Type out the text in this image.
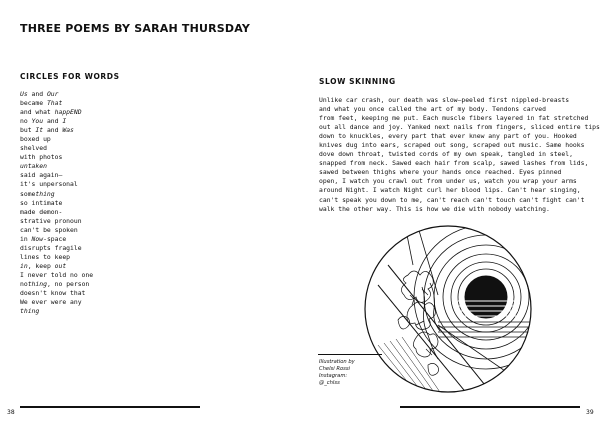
THREE POEMS BY SARAH THURSDAY
CIRCLES FOR WORDS
Us and Our
became That
and what happEND
no You and I
but It and Was
boxed up
shelved
with photos
untaken
said again—
it's unpersonal
something
so intimate
made demon-
strative pronoun
can't be spoken
in Now-space
disrupts fragile
lines to keep
in, keep out
I never told no one
nothing, no person
doesn't know that
We ever were any
thing
SLOW SKINNING
Unlike car crash, our death was slow—peeled first nippled-breasts
and what you once called the art of my body. Tendons carved
from feet, keeping me put. Each muscle fibers layered in fat stretched
out all dance and joy. Yanked next nails from fingers, sliced entire tips
down to knuckles, every part that ever knew any part of you. Hooked
knives dug into ears, scraped out song, scraped out music. Same hooks
dove down throat, twisted cords of my own speak, tangled in steel,
snapped from neck. Sawed each hair from scalp, sawed lashes from lids,
sawed between thighs where your hands once reached. Eyes pinned
open, I watch you crawl out from under us, watch you wrap your arms
around Night. I watch Night curl her blood lips. Can't hear singing,
can't speak you down to me, can't reach can't touch can't fight can't
walk the other way. This is how we die with nobody watching.
Illustration by
Chelsi Rossi
Instagram:
@_chlss
38	39
